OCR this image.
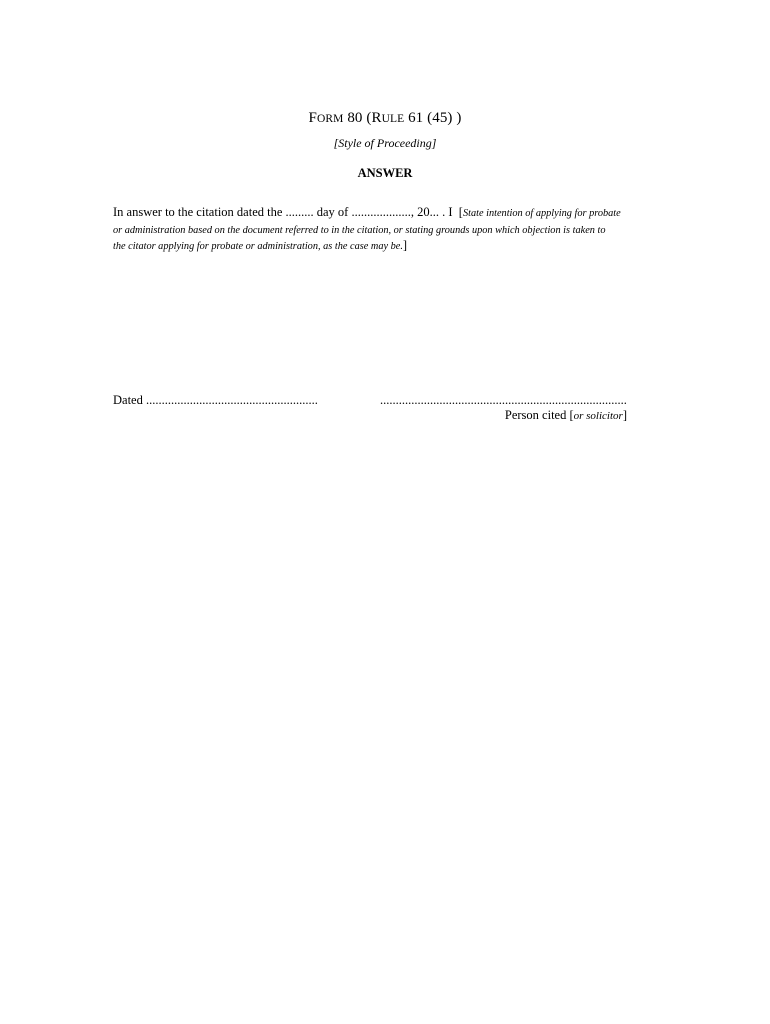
FORM 80 (RULE 61 (45) )
[Style of Proceeding]
ANSWER
In answer to the citation dated the ......... day of ..................., 20... . I  [State intention of applying for probate
or administration based on the document referred to in the citation, or stating grounds upon which objection is taken to
the citator applying for probate or administration, as the case may be.]
Dated .......................................................	...............................................................................
Person cited [or solicitor]
